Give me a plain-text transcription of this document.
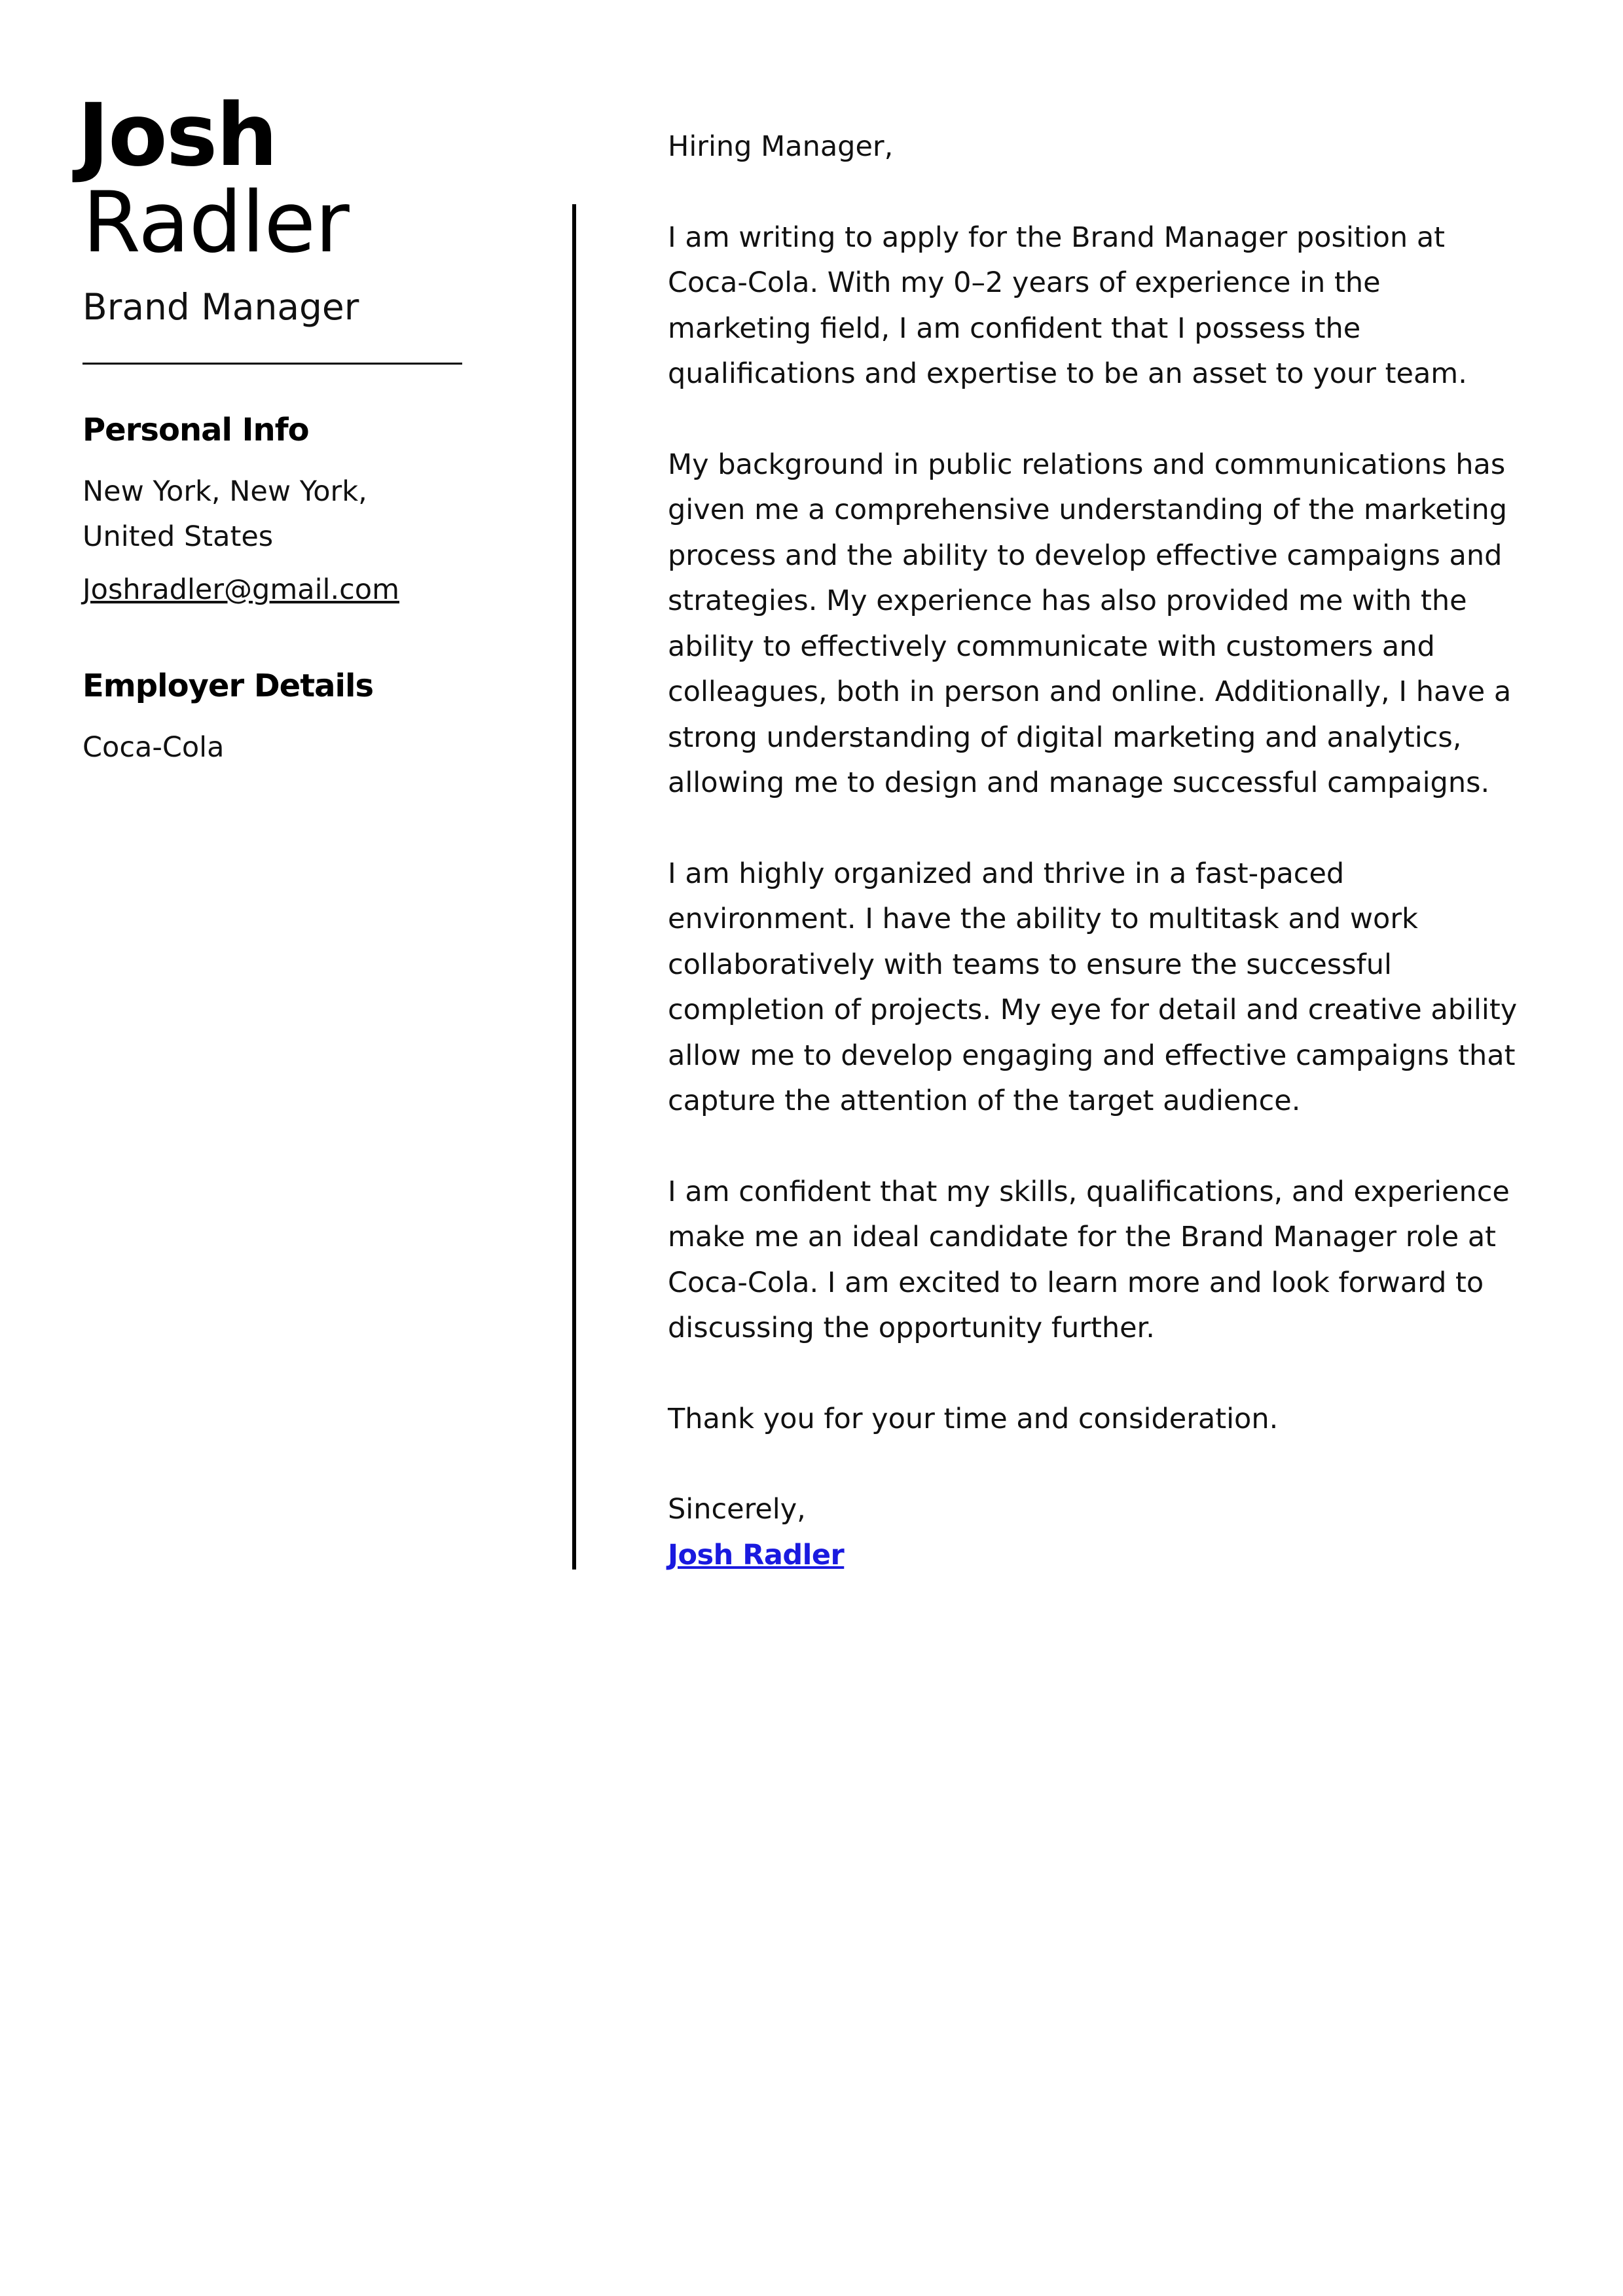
Josh
Radler
Brand Manager
Personal Info
New York, New York,
United States
Joshradler@gmail.com
Employer Details
Coca-Cola

Hiring Manager,

I am writing to apply for the Brand Manager position at Coca-Cola. With my 0–2 years of experience in the marketing field, I am confident that I possess the qualifications and expertise to be an asset to your team.

My background in public relations and communications has given me a comprehensive understanding of the marketing process and the ability to develop effective campaigns and strategies. My experience has also provided me with the ability to effectively communicate with customers and colleagues, both in person and online. Additionally, I have a strong understanding of digital marketing and analytics, allowing me to design and manage successful campaigns.

I am highly organized and thrive in a fast-paced environment. I have the ability to multitask and work collaboratively with teams to ensure the successful completion of projects. My eye for detail and creative ability allow me to develop engaging and effective campaigns that capture the attention of the target audience.

I am confident that my skills, qualifications, and experience make me an ideal candidate for the Brand Manager role at Coca-Cola. I am excited to learn more and look forward to discussing the opportunity further.

Thank you for your time and consideration.

Sincerely,

Josh Radler
